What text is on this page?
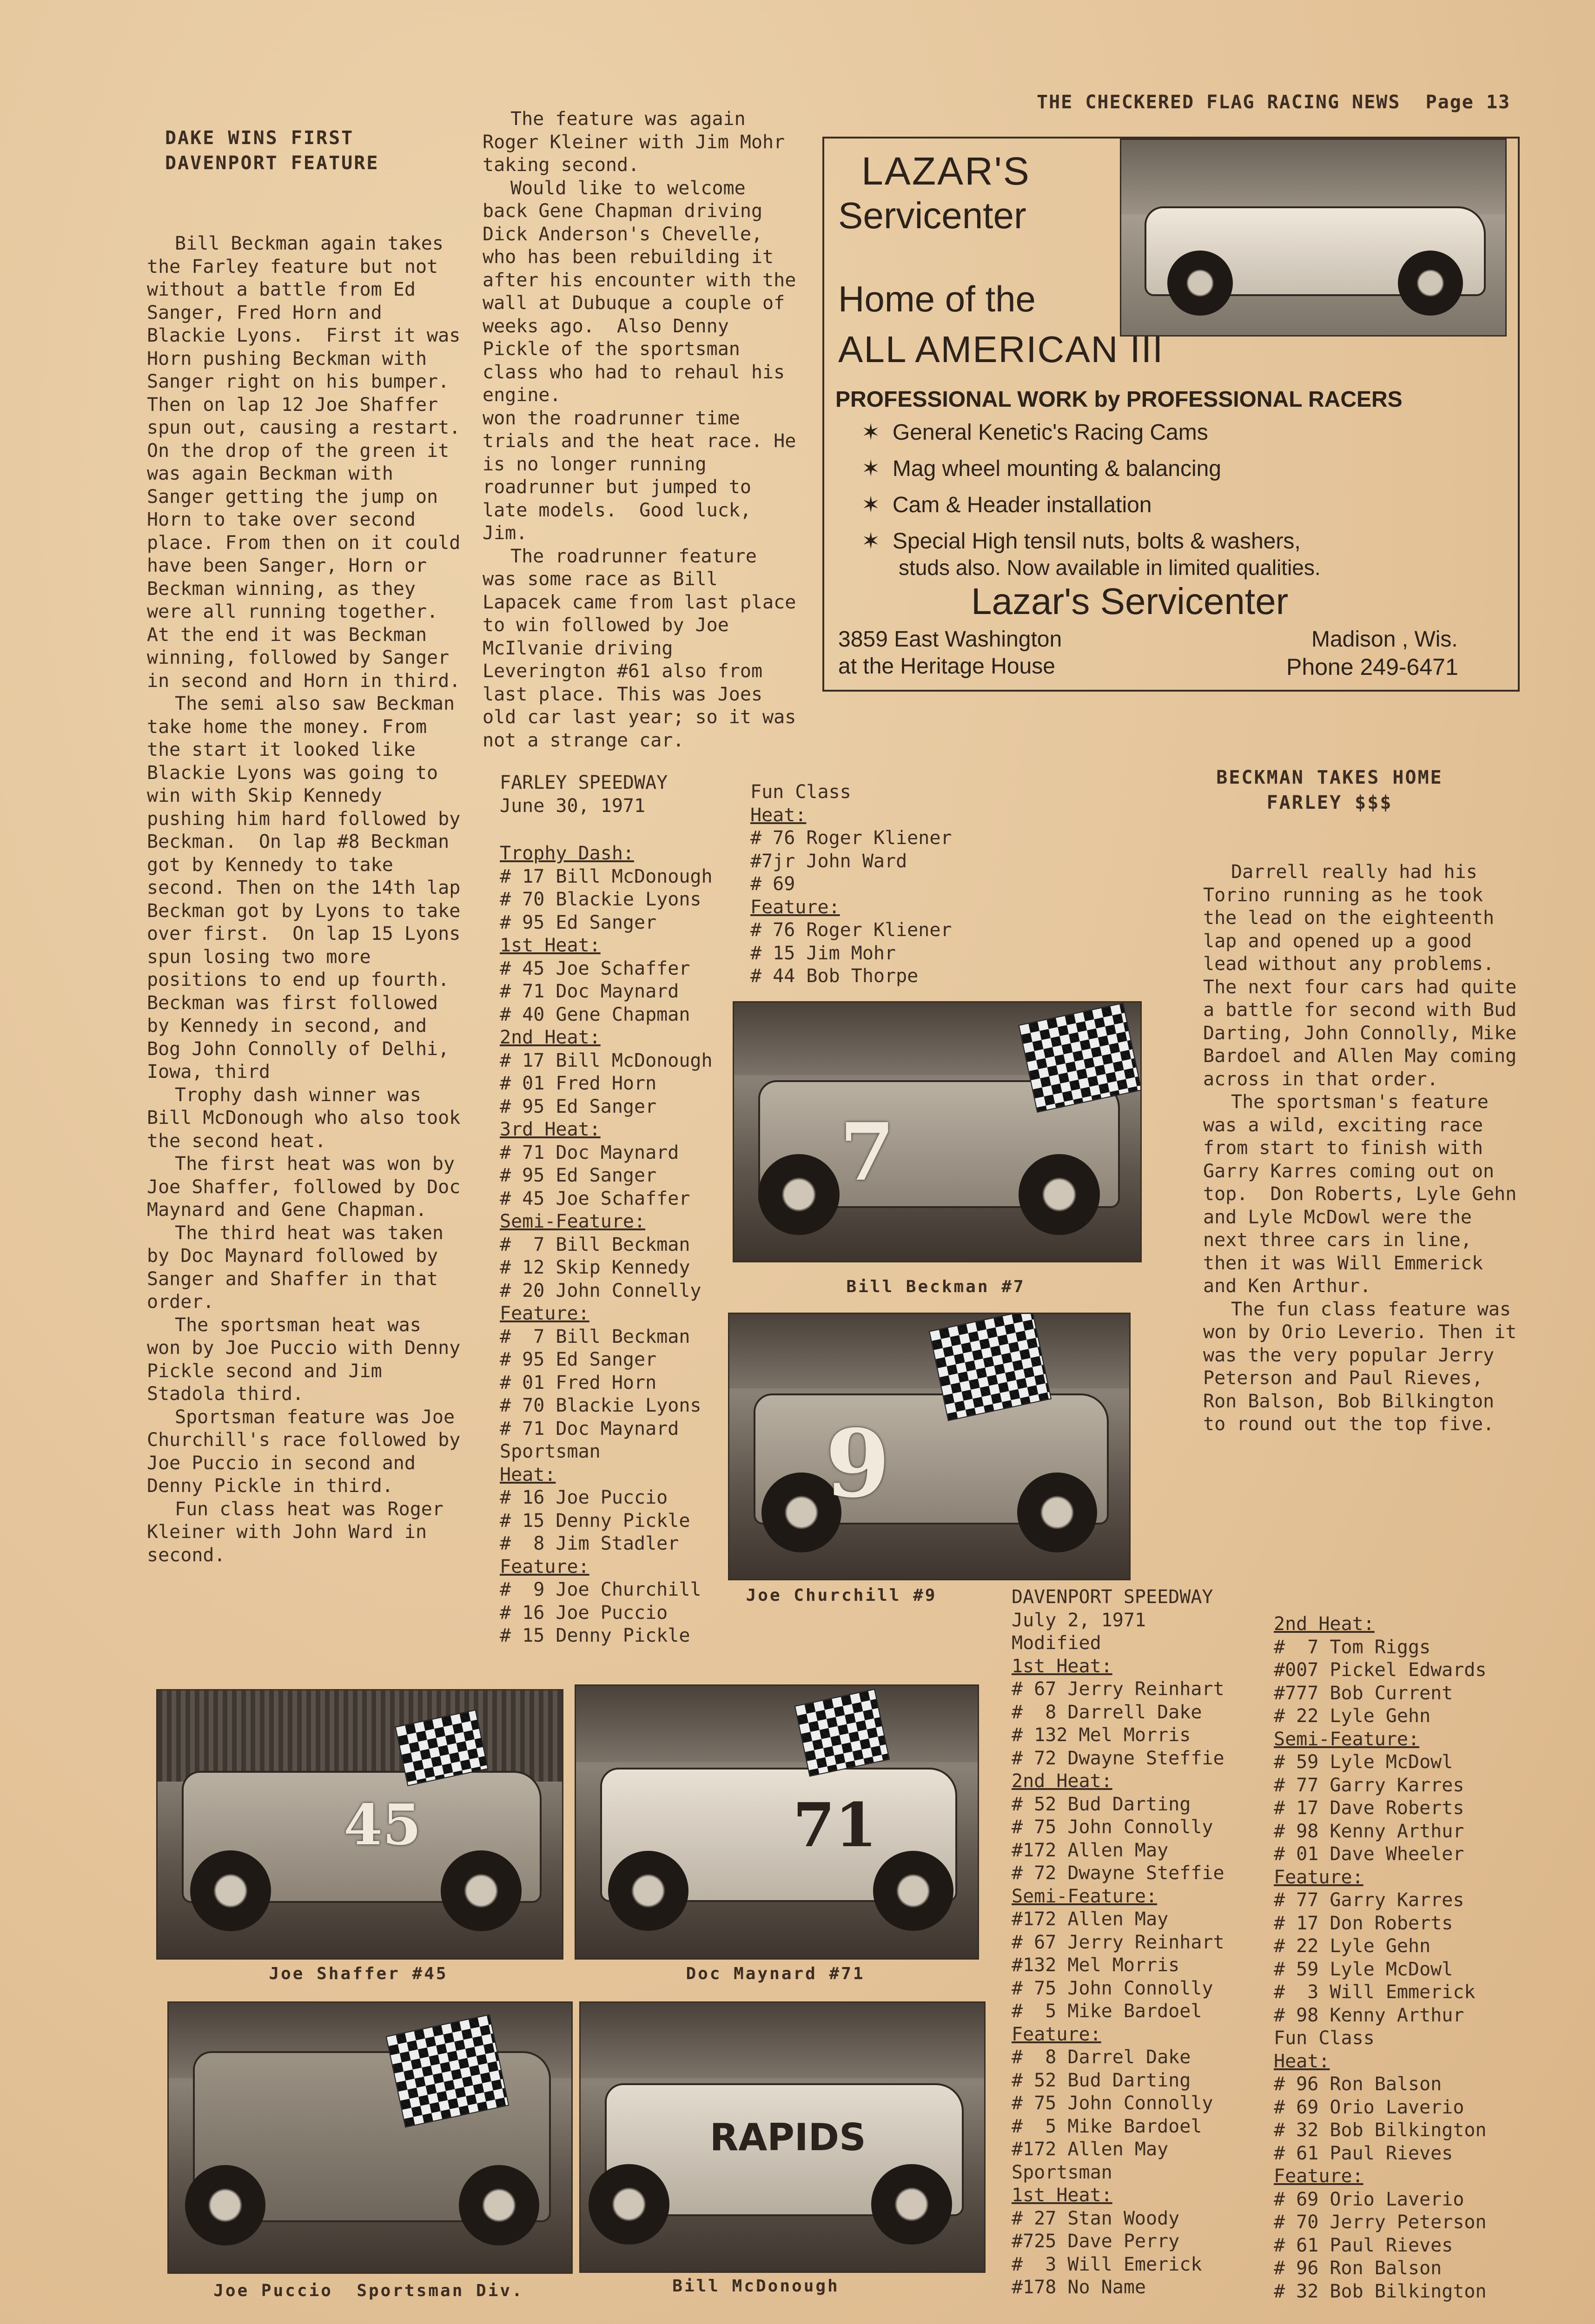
THE CHECKERED FLAG RACING NEWS Page 13
DAKE WINS FIRST
DAVENPORT FEATURE

Bill Beckman again takes the Farley feature but not without a battle from Ed Sanger, Fred Horn and Blackie Lyons.  First it was Horn pushing Beckman with Sanger right on his bumper.  Then on lap 12 Joe Shaffer spun out, causing a restart.  On the drop of the green it was again Beckman with Sanger getting the jump on Horn to take over second place. From then on it could have been Sanger, Horn or Beckman winning, as they were all running together.  At the end it was Beckman winning, followed by Sanger in second and Horn in third.

The semi also saw Beckman take home the money. From the start it looked like Blackie Lyons was going to win with Skip Kennedy pushing him hard followed by Beckman.  On lap #8 Beckman got by Kennedy to take second. Then on the 14th lap Beckman got by Lyons to take over first.  On lap 15 Lyons spun losing two more positions to end up fourth.  Beckman was first followed by Kennedy in second, and Bog John Connolly of Delhi, Iowa, third

Trophy dash winner was Bill McDonough who also took the second heat.

The first heat was won by Joe Shaffer, followed by Doc Maynard and Gene Chapman.

The third heat was taken by Doc Maynard followed by Sanger and Shaffer in that order.

The sportsman heat was won by Joe Puccio with Denny Pickle second and Jim Stadola third.

Sportsman feature was Joe Churchill's race followed by Joe Puccio in second and Denny Pickle in third.

Fun class heat was Roger Kleiner with John Ward in second.

The feature was again Roger Kleiner with Jim Mohr taking second.

Would like to welcome back Gene Chapman driving Dick Anderson's Chevelle, who has been rebuilding it after his encounter with the wall at Dubuque a couple of weeks ago.  Also Denny Pickle of the sportsman class who had to rehaul his engine.

won the roadrunner time trials and the heat race. He is no longer running roadrunner but jumped to late models.  Good luck, Jim.

The roadrunner feature was some race as Bill Lapacek came from last place to win followed by Joe McIlvanie driving Leverington #61 also from last place. This was Joes old car last year; so it was not a strange car.

LAZAR'S
Servicenter
Home of the
ALL AMERICAN III
PROFESSIONAL WORK by PROFESSIONAL RACERS
✶ General Kenetic's Racing Cams
✶ Mag wheel mounting & balancing
✶ Cam & Header installation
✶ Special High tensil nuts, bolts & washers,
studs also. Now available in limited qualities.
Lazar's Servicenter
3859 East Washington
at the Heritage House
Madison , Wis.
Phone 249-6471
FARLEY SPEEDWAY
June 30, 1971
Trophy Dash:
# 17 Bill McDonough
# 70 Blackie Lyons
# 95 Ed Sanger
1st Heat:
# 45 Joe Schaffer
# 71 Doc Maynard
# 40 Gene Chapman
2nd Heat:
# 17 Bill McDonough
# 01 Fred Horn
# 95 Ed Sanger
3rd Heat:
# 71 Doc Maynard
# 95 Ed Sanger
# 45 Joe Schaffer
Semi-Feature:
#  7 Bill Beckman
# 12 Skip Kennedy
# 20 John Connelly
Feature:
#  7 Bill Beckman
# 95 Ed Sanger
# 01 Fred Horn
# 70 Blackie Lyons
# 71 Doc Maynard
Sportsman
Heat:
# 16 Joe Puccio
# 15 Denny Pickle
#  8 Jim Stadler
Feature:
#  9 Joe Churchill
# 16 Joe Puccio
# 15 Denny Pickle
Fun Class
Heat:
# 76 Roger Kliener
#7jr John Ward
# 69
Feature:
# 76 Roger Kliener
# 15 Jim Mohr
# 44 Bob Thorpe
7
Bill Beckman #7
9
Joe Churchill #9
45
Joe Shaffer #45
71
Doc Maynard #71
Joe Puccio  Sportsman Div.
RAPIDS
Bill McDonough
BECKMAN TAKES HOME
FARLEY $$$

Darrell really had his Torino running as he took the lead on the eighteenth lap and opened up a good lead without any problems. The next four cars had quite a battle for second with Bud Darting, John Connolly, Mike Bardoel and Allen May coming across in that order.

The sportsman's feature was a wild, exciting race from start to finish with Garry Karres coming out on top.  Don Roberts, Lyle Gehn and Lyle McDowl were the next three cars in line, then it was Will Emmerick and Ken Arthur.

The fun class feature was won by Orio Leverio. Then it was the very popular Jerry Peterson and Paul Rieves, Ron Balson, Bob Bilkington to round out the top five.

DAVENPORT SPEEDWAY
July 2, 1971
Modified
1st Heat:
# 67 Jerry Reinhart
#  8 Darrell Dake
# 132 Mel Morris
# 72 Dwayne Steffie
2nd Heat:
# 52 Bud Darting
# 75 John Connolly
#172 Allen May
# 72 Dwayne Steffie
Semi-Feature:
#172 Allen May
# 67 Jerry Reinhart
#132 Mel Morris
# 75 John Connolly
#  5 Mike Bardoel
Feature:
#  8 Darrel Dake
# 52 Bud Darting
# 75 John Connolly
#  5 Mike Bardoel
#172 Allen May
Sportsman
1st Heat:
# 27 Stan Woody
#725 Dave Perry
#  3 Will Emerick
#178 No Name
2nd Heat:
#  7 Tom Riggs
#007 Pickel Edwards
#777 Bob Current
# 22 Lyle Gehn
Semi-Feature:
# 59 Lyle McDowl
# 77 Garry Karres
# 17 Dave Roberts
# 98 Kenny Arthur
# 01 Dave Wheeler
Feature:
# 77 Garry Karres
# 17 Don Roberts
# 22 Lyle Gehn
# 59 Lyle McDowl
#  3 Will Emmerick
# 98 Kenny Arthur
Fun Class
Heat:
# 96 Ron Balson
# 69 Orio Laverio
# 32 Bob Bilkington
# 61 Paul Rieves
Feature:
# 69 Orio Laverio
# 70 Jerry Peterson
# 61 Paul Rieves
# 96 Ron Balson
# 32 Bob Bilkington
